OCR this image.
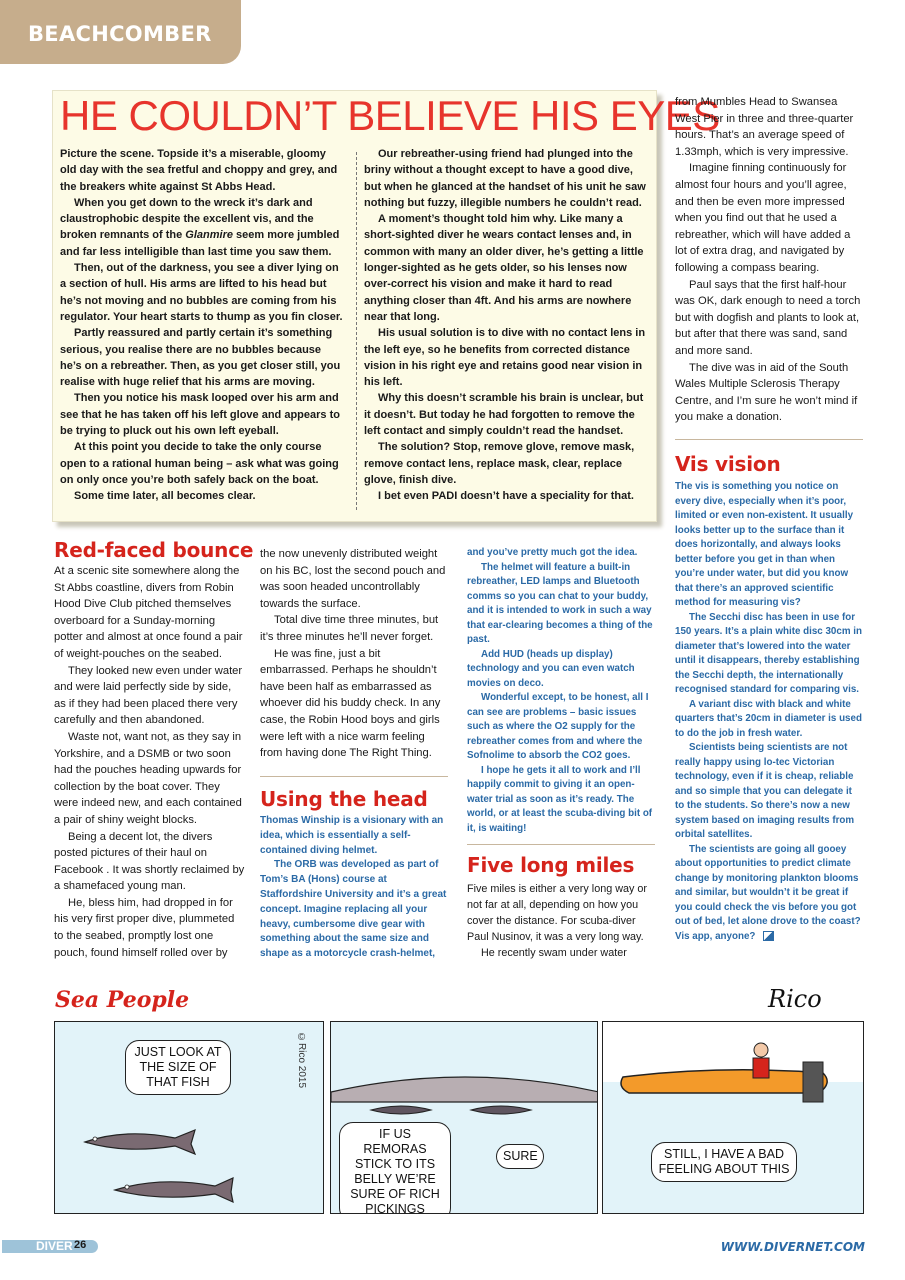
BEACHCOMBER
HE COULDN’T BELIEVE HIS EYES

Picture the scene. Topside it’s a miserable, gloomy old day with the sea fretful and choppy and grey, and the breakers white against St Abbs Head.

When you get down to the wreck it’s dark and claustrophobic despite the excellent vis, and the broken remnants of the Glanmire seem more jumbled and far less intelligible than last time you saw them.

Then, out of the darkness, you see a diver lying on a section of hull. His arms are lifted to his head but he’s not moving and no bubbles are coming from his regulator. Your heart starts to thump as you fin closer.

Partly reassured and partly certain it’s something serious, you realise there are no bubbles because he’s on a rebreather. Then, as you get closer still, you realise with huge relief that his arms are moving.

Then you notice his mask looped over his arm and see that he has taken off his left glove and appears to be trying to pluck out his own left eyeball.

At this point you decide to take the only course open to a rational human being – ask what was going on only once you’re both safely back on the boat.

Some time later, all becomes clear.

Our rebreather-using friend had plunged into the briny without a thought except to have a good dive, but when he glanced at the handset of his unit he saw nothing but fuzzy, illegible numbers he couldn’t read.

A moment’s thought told him why. Like many a short-sighted diver he wears contact lenses and, in common with many an older diver, he’s getting a little longer-sighted as he gets older, so his lenses now over-correct his vision and make it hard to read anything closer than 4ft. And his arms are nowhere near that long.

His usual solution is to dive with no contact lens in the left eye, so he benefits from corrected distance vision in his right eye and retains good near vision in his left.

Why this doesn’t scramble his brain is unclear, but it doesn’t. But today he had forgotten to remove the left contact and simply couldn’t read the handset.

The solution? Stop, remove glove, remove mask, remove contact lens, replace mask, clear, replace glove, finish dive.

I bet even PADI doesn’t have a speciality for that.

from Mumbles Head to Swansea West Pier in three and three-quarter hours. That’s an average speed of 1.33mph, which is very impressive.

Imagine finning continuously for almost four hours and you’ll agree, and then be even more impressed when you find out that he used a rebreather, which will have added a lot of extra drag, and navigated by following a compass bearing.

Paul says that the first half-hour was OK, dark enough to need a torch but with dogfish and plants to look at, but after that there was sand, sand and more sand.

The dive was in aid of the South Wales Multiple Sclerosis Therapy Centre, and I’m sure he won’t mind if you make a donation.

Vis vision

The vis is something you notice on every dive, especially when it’s poor, limited or even non-existent. It usually looks better up to the surface than it does horizontally, and always looks better before you get in than when you’re under water, but did you know that there’s an approved scientific method for measuring vis?

The Secchi disc has been in use for 150 years. It’s a plain white disc 30cm in diameter that’s lowered into the water until it disappears, thereby establishing the Secchi depth, the internationally recognised standard for comparing vis.

A variant disc with black and white quarters that’s 20cm in diameter is used to do the job in fresh water.

Scientists being scientists are not really happy using lo-tec Victorian technology, even if it is cheap, reliable and so simple that you can delegate it to the students. So there’s now a new system based on imaging results from orbital satellites.

The scientists are going all gooey about opportunities to predict climate change by monitoring plankton blooms and similar, but wouldn’t it be great if you could check the vis before you got out of bed, let alone drove to the coast? Vis app, anyone?

Red-faced bounce

At a scenic site somewhere along the St Abbs coastline, divers from Robin Hood Dive Club pitched themselves overboard for a Sunday-morning potter and almost at once found a pair of weight-pouches on the seabed.

They looked new even under water and were laid perfectly side by side, as if they had been placed there very carefully and then abandoned.

Waste not, want not, as they say in Yorkshire, and a DSMB or two soon had the pouches heading upwards for collection by the boat cover. They were indeed new, and each contained a pair of shiny weight blocks.

Being a decent lot, the divers posted pictures of their haul on Facebook . It was shortly reclaimed by a shamefaced young man.

He, bless him, had dropped in for his very first proper dive, plummeted to the seabed, promptly lost one pouch, found himself rolled over by

the now unevenly distributed weight on his BC, lost the second pouch and was soon headed uncontrollably towards the surface.

Total dive time three minutes, but it’s three minutes he’ll never forget.

He was fine, just a bit embarrassed. Perhaps he shouldn’t have been half as embarrassed as whoever did his buddy check. In any case, the Robin Hood boys and girls were left with a nice warm feeling from having done The Right Thing.

Using the head

Thomas Winship is a visionary with an idea, which is essentially a self-contained diving helmet.

The ORB was developed as part of Tom’s BA (Hons) course at Staffordshire University and it’s a great concept. Imagine replacing all your heavy, cumbersome dive gear with something about the same size and shape as a motorcycle crash-helmet,

and you’ve pretty much got the idea.

The helmet will feature a built-in rebreather, LED lamps and Bluetooth comms so you can chat to your buddy, and it is intended to work in such a way that ear-clearing becomes a thing of the past.

Add HUD (heads up display) technology and you can even watch movies on deco.

Wonderful except, to be honest, all I can see are problems – basic issues such as where the O2 supply for the rebreather comes from and where the Sofnolime to absorb the CO2 goes.

I hope he gets it all to work and I’ll happily commit to giving it an open-water trial as soon as it’s ready. The world, or at least the scuba-diving bit of it, is waiting!

Five long miles

Five miles is either a very long way or not far at all, depending on how you cover the distance. For scuba-diver Paul Nusinov, it was a very long way.

He recently swam under water

Sea People	Rico
JUST LOOK AT THE SIZE OF THAT FISH	©Rico 2015
IF US REMORAS STICK TO ITS BELLY WE’RE SURE OF RICH PICKINGS
SURE	STILL, I HAVE A BAD FEELING ABOUT THIS
DIVER 26	WWW.DIVERNET.COM
